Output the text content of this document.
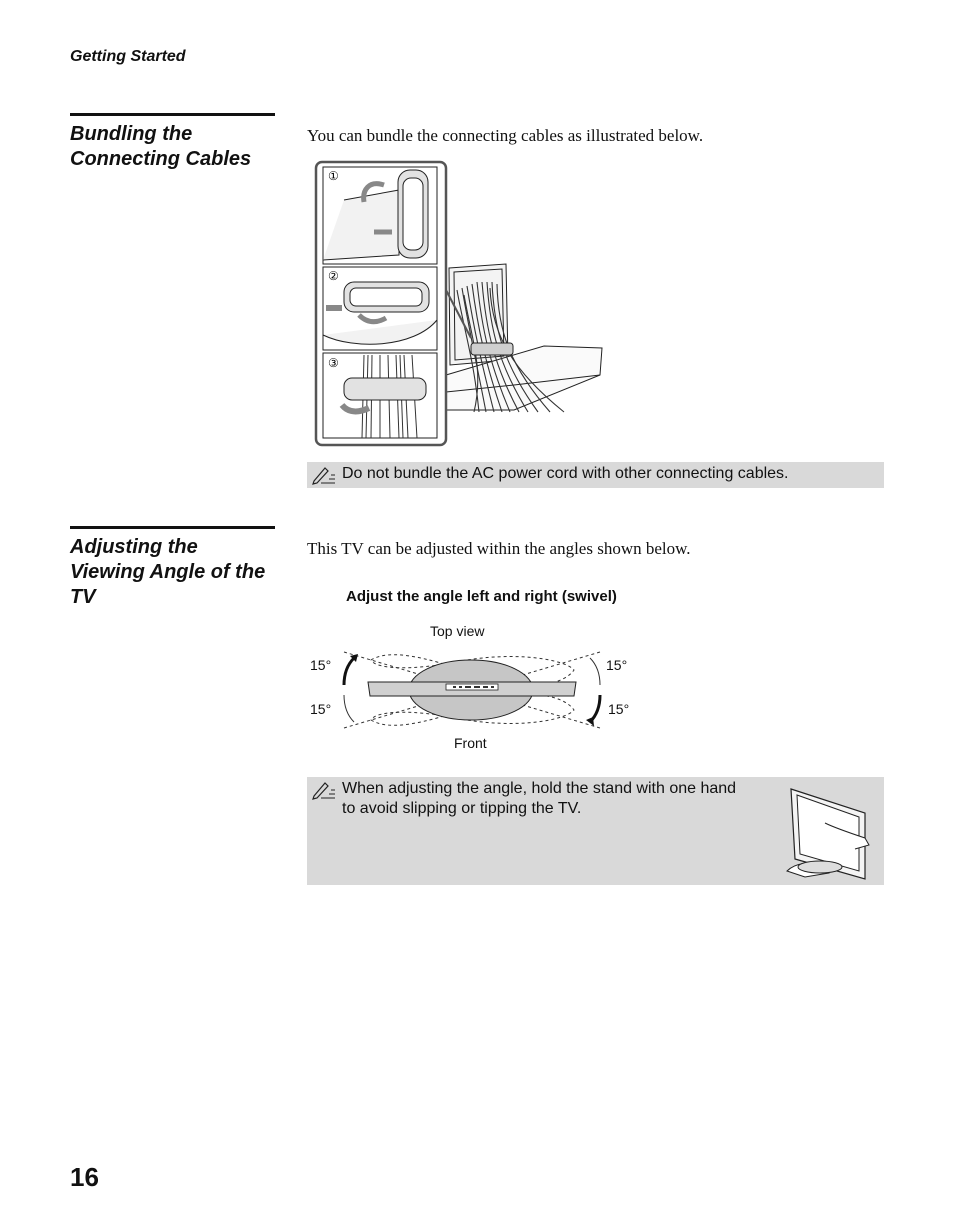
Getting Started
Bundling the
Connecting Cables
You can bundle the connecting cables as illustrated below.
①
②
③
Do not bundle the AC power cord with other connecting cables.
Adjusting the
Viewing Angle of the
TV
This TV can be adjusted within the angles shown below.
Adjust the angle left and right (swivel)
Top view
15°
15°
15°
15°
Front
When adjusting the angle, hold the stand with one hand
to avoid slipping or tipping the TV.
16
